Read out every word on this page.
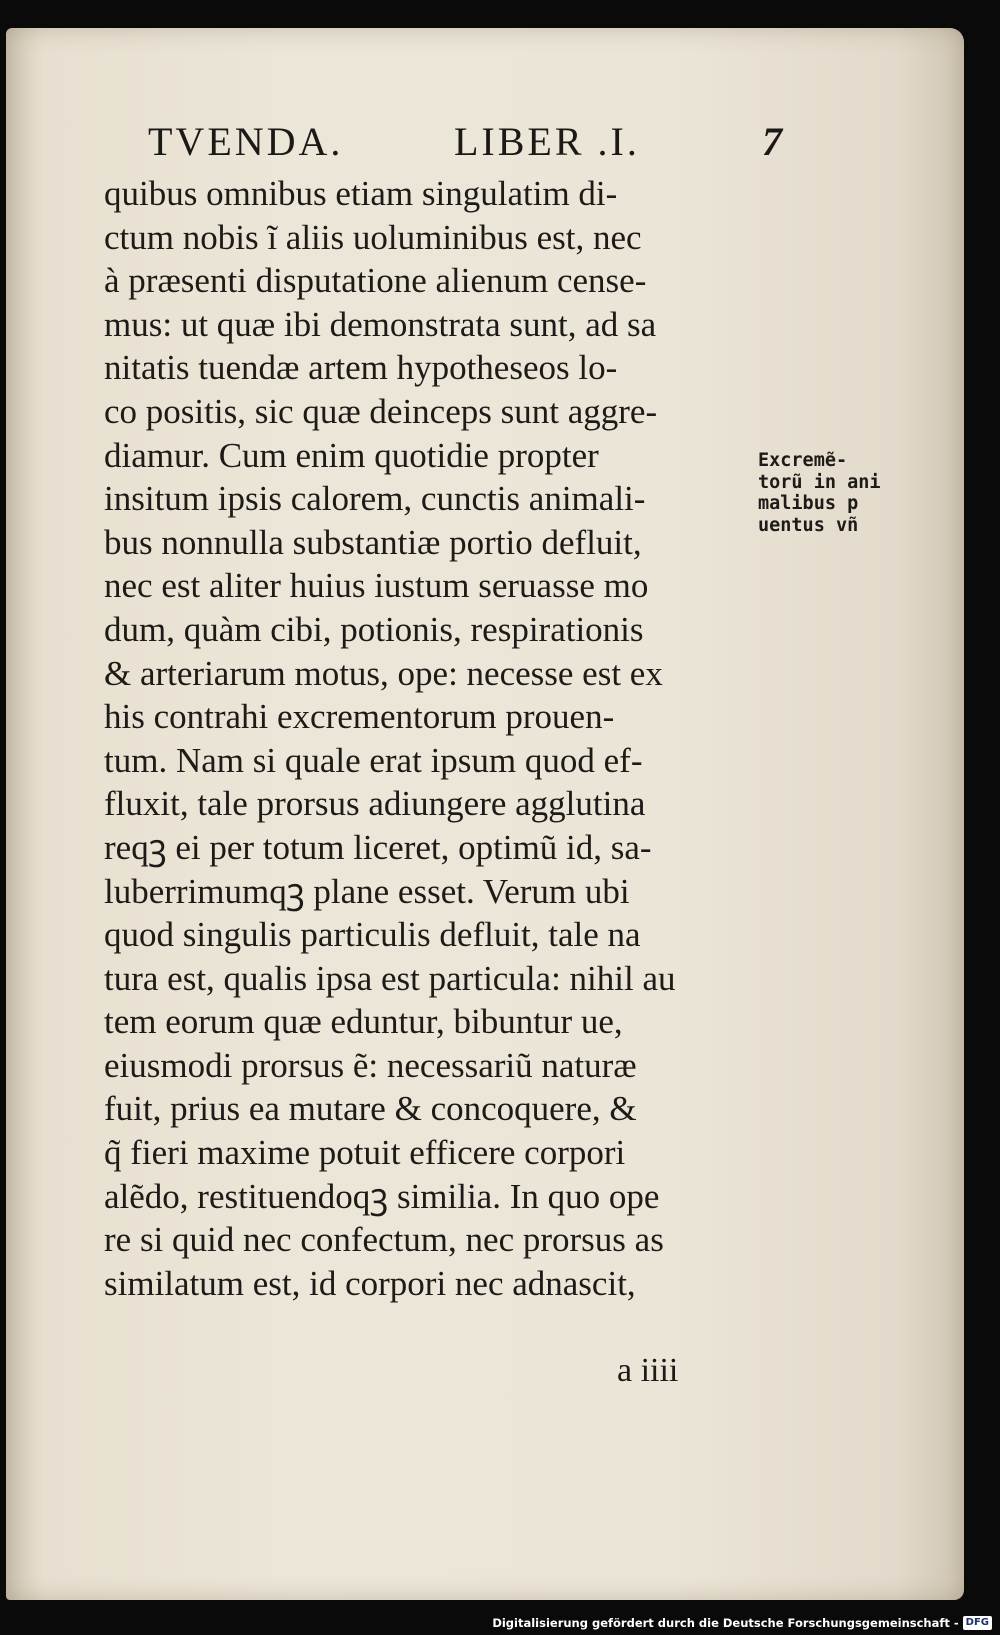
TVENDA.	LIBER .I.	7
quibus omnibus etiam singulatim di-
ctum nobis ĩ aliis uoluminibus est, nec
à præsenti disputatione alienum cense-
mus: ut quæ ibi demonstrata sunt, ad sa
nitatis tuendæ artem hypotheseos lo-
co positis, sic quæ deinceps sunt aggre-
diamur. Cum enim quotidie propter
insitum ipsis calorem, cunctis animali-
bus nonnulla substantiæ portio defluit,
nec est aliter huius iustum seruasse mo
dum, quàm cibi, potionis, respirationis
& arteriarum motus, ope: necesse est ex
his contrahi excrementorum prouen-
tum. Nam si quale erat ipsum quod ef-
fluxit, tale prorsus adiungere agglutina
reqꝫ ei per totum liceret, optimũ id, sa-
luberrimumqꝫ plane esset. Verum ubi
quod singulis particulis defluit, tale na
tura est, qualis ipsa est particula: nihil au
tem eorum quæ eduntur, bibuntur ue,
eiusmodi prorsus ẽ: necessariũ naturæ
fuit, prius ea mutare & concoquere, &
q̃ fieri maxime potuit efficere corpori
alẽdo, restituendoqꝫ similia. In quo ope
re si quid nec confectum, nec prorsus as
similatum est, id corpori nec adnascit,
Excremẽ-
torũ in ani
malibus p
uentus vñ
a iiii
Digitalisierung gefördert durch die Deutsche Forschungsgemeinschaft - DFG
